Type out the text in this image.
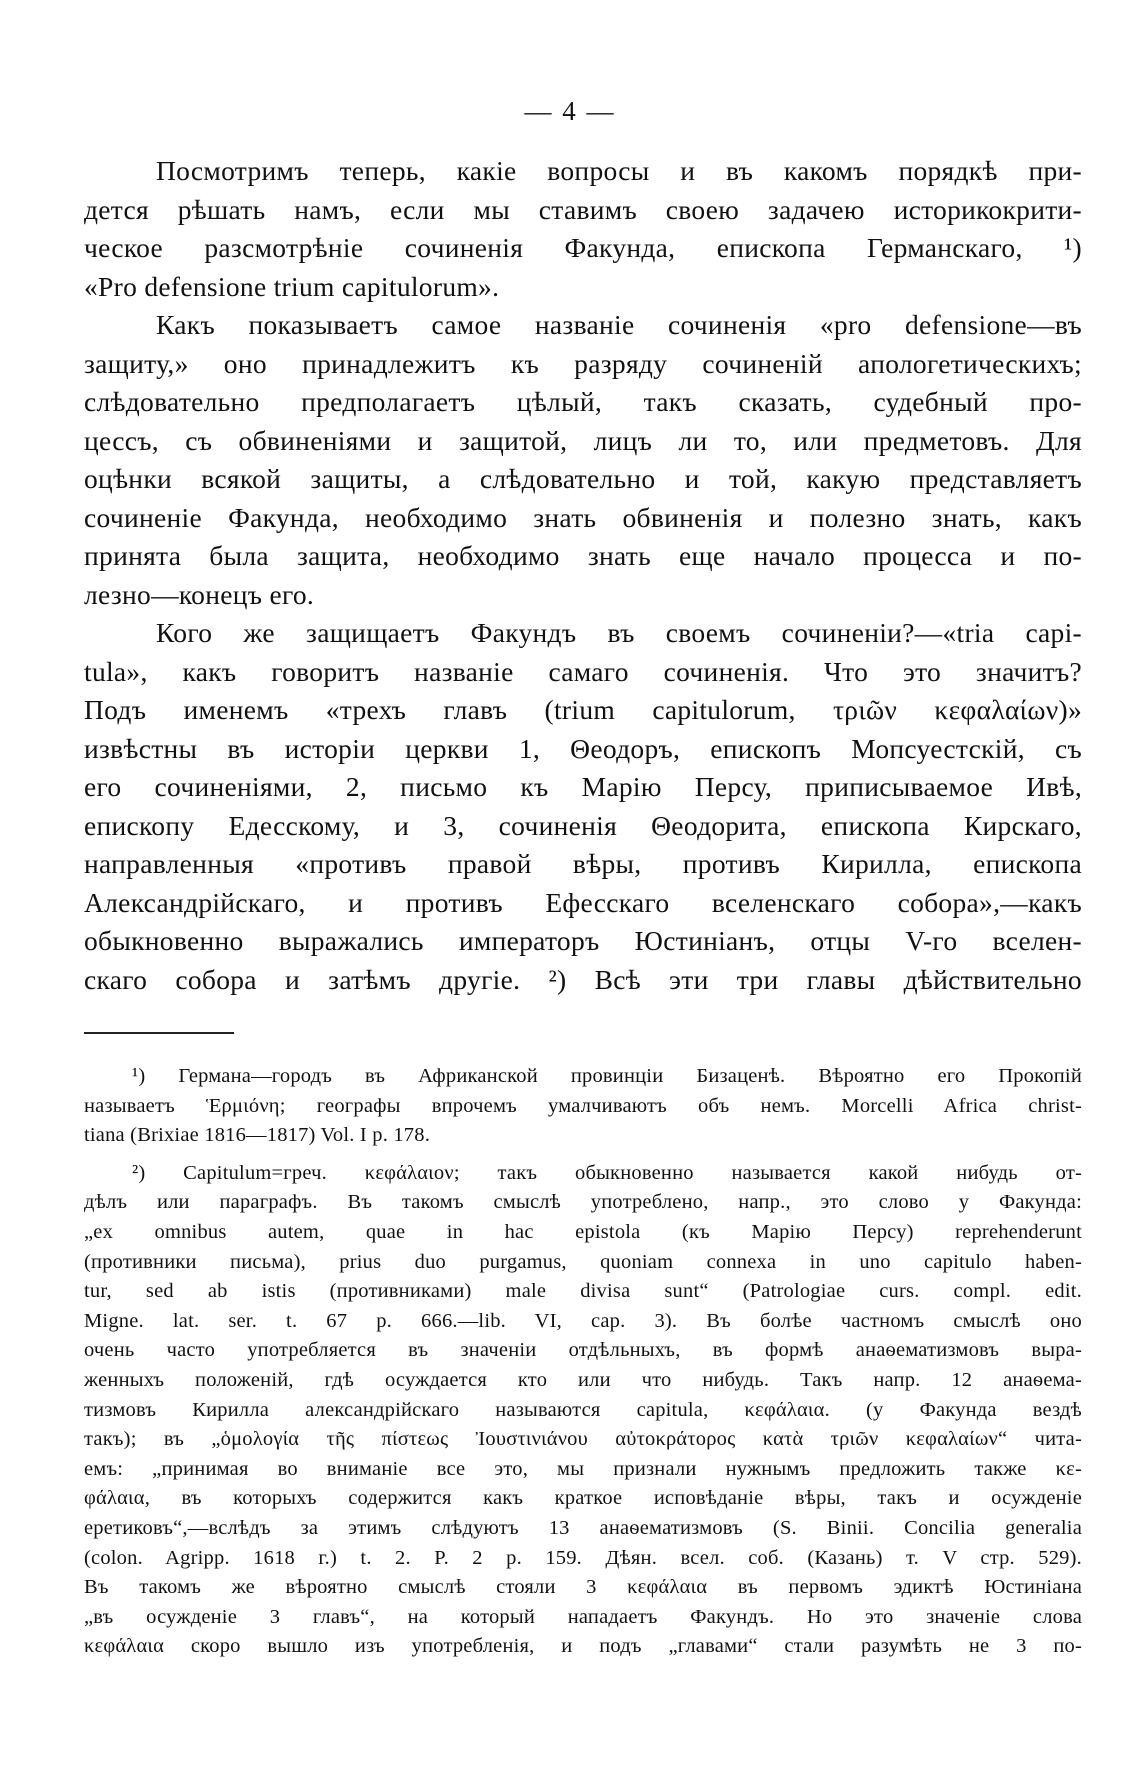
— 4 —
Посмотримъ теперь, какіе вопросы и въ какомъ порядкѣ при-
дется рѣшать намъ, если мы ставимъ своею задачею историкокрити-
ческое разсмотрѣніе сочиненія Факунда, епископа Германскаго, ¹)
«Pro defensione trium capitulorum».
Какъ показываетъ самое названіе сочиненія «pro defensione—въ
защиту,» оно принадлежитъ къ разряду сочиненій апологетическихъ;
слѣдовательно предполагаетъ цѣлый, такъ сказать, судебный про-
цессъ, съ обвиненіями и защитой, лицъ ли то, или предметовъ. Для
оцѣнки всякой защиты, а слѣдовательно и той, какую представляетъ
сочиненіе Факунда, необходимо знать обвиненія и полезно знать, какъ
принята была защита, необходимо знать еще начало процесса и по-
лезно—конецъ его.
Кого же защищаетъ Факундъ въ своемъ сочиненіи?—«tria capi-
tula», какъ говоритъ названіе самаго сочиненія. Что это значитъ?
Подъ именемъ «трехъ главъ (trium capitulorum, τριῶν κεφαλαίων)»
извѣстны въ исторіи церкви 1, Θеодоръ, епископъ Мопсуестскій, съ
его сочиненіями, 2, письмо къ Марію Персу, приписываемое Ивѣ,
епископу Едесскому, и 3, сочиненія Θеодорита, епископа Кирскаго,
направленныя «противъ правой вѣры, противъ Кирилла, епископа
Александрійскаго, и противъ Ефесскаго вселенскаго собора»,—какъ
обыкновенно выражались императоръ Юстиніанъ, отцы V-го вселен-
скаго собора и затѣмъ другіе. ²) Всѣ эти три главы дѣйствительно
¹) Германа—городъ въ Африканской провинціи Бизаценѣ. Вѣроятно его Прокопій
называетъ Ἑρμιόνη; географы впрочемъ умалчиваютъ объ немъ. Morcelli Africa christ-
tiana (Brixiae 1816—1817) Vol. I p. 178.
²) Capitulum=греч. κεφάλαιον; такъ обыкновенно называется какой нибудь от-
дѣлъ или параграфъ. Въ такомъ смыслѣ употреблено, напр., это слово у Факунда:
„ex omnibus autem, quae in hac epistola (къ Марію Персу) reprehenderunt
(противники письма), prius duo purgamus, quoniam connexa in uno capitulo haben-
tur, sed ab istis (противниками) male divisa sunt“ (Patrologiae curs. compl. edit.
Migne. lat. ser. t. 67 p. 666.—lib. VI, cap. 3). Въ болѣе частномъ смыслѣ оно
очень часто употребляется въ значеніи отдѣльныхъ, въ формѣ анаѳематизмовъ выра-
женныхъ положеній, гдѣ осуждается кто или что нибудь. Такъ напр. 12 анаѳема-
тизмовъ Кирилла александрійскаго называются capitula, κεφάλαια. (у Факунда вездѣ
такъ); въ „ὁμολογία τῆς πίστεως Ἰουστινιάνου αὐτοκράτορος κατὰ τριῶν κεφαλαίων“ чита-
емъ: „принимая во вниманіе все это, мы признали нужнымъ предложить также κε-
φάλαια, въ которыхъ содержится какъ краткое исповѣданіе вѣры, такъ и осужденіе
еретиковъ“,—вслѣдъ за этимъ слѣдуютъ 13 анаѳематизмовъ (S. Binii. Concilia generalia
(colon. Agripp. 1618 г.) t. 2. P. 2 p. 159. Дѣян. всел. соб. (Казань) т. V стр. 529).
Въ такомъ же вѣроятно смыслѣ стояли 3 κεφάλαια въ первомъ эдиктѣ Юстиніана
„въ осужденіе 3 главъ“, на который нападаетъ Факундъ. Но это значеніе слова
κεφάλαια скоро вышло изъ употребленія, и подъ „главами“ стали разумѣть не 3 по-
